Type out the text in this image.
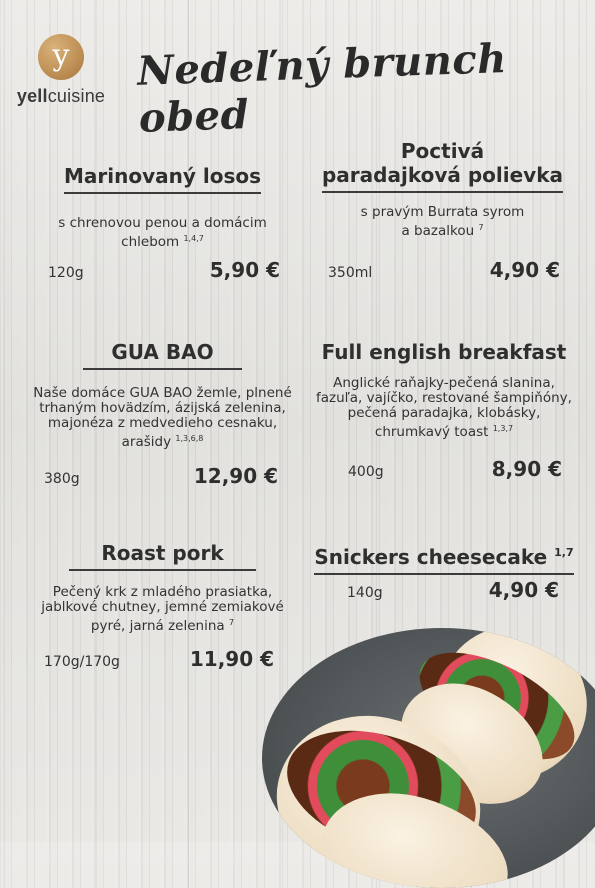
y
yellcuisine
Nedeľný brunch obed
Marinovaný losos

s chrenovou penou a domácim chlebom $^{1,4,7}$

120g	5,90 €
Poctivá
paradajková polievka

s pravým Burrata syrom
a bazalkou $^7$

350ml	4,90 €
GUA BAO

Naše domáce GUA BAO žemle, plnené trhaným hovädzím, ázijská zelenina, majonéza z medvedieho cesnaku, arašidy $^{1,3,6,8}$

380g	12,90 €
Full english breakfast

Anglické raňajky-pečená slanina, fazuľa, vajíčko, restované šampiňóny, pečená paradajka, klobásky, chrumkavý toast $^{1,3,7}$

400g	8,90 €
Roast pork

Pečený krk z mladého prasiatka, jablkové chutney, jemné zemiakové pyré, jarná zelenina $^7$

170g/170g	11,90 €
Snickers cheesecake $^{1,7}$
140g	4,90 €
